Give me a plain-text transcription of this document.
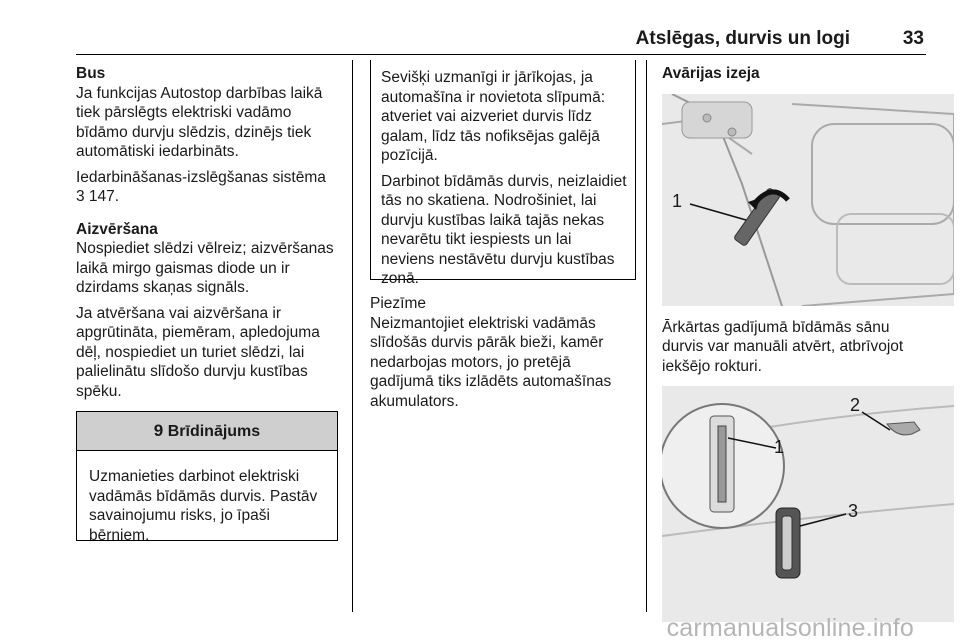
Atslēgas, durvis un logi	33
Bus

Ja funkcijas Autostop darbības laikā tiek pārslēgts elektriski vadāmo bīdāmo durvju slēdzis, dzinējs tiek automātiski iedarbināts.

Iedarbināšanas-izslēgšanas sistēma
3 147.
Aizvēršana

Nospiediet slēdzi vēlreiz; aizvēršanas laikā mirgo gaismas diode un ir dzirdams skaņas signāls.

Ja atvēršana vai aizvēršana ir apgrūtināta, piemēram, apledojuma dēļ, nospiediet un turiet slēdzi, lai palielinātu slīdošo durvju kustības spēku.

9 Brīdinājums
Uzmanieties darbinot elektriski vadāmās bīdāmās durvis. Pastāv savainojumu risks, jo īpaši bērniem.

Sevišķi uzmanīgi ir jārīkojas, ja automašīna ir novietota slīpumā: atveriet vai aizveriet durvis līdz galam, līdz tās nofiksējas galējā pozīcijā.

Darbinot bīdāmās durvis, neizlaidiet tās no skatiena. Nodrošiniet, lai durvju kustības laikā tajās nekas nevarētu tikt iespiests un lai neviens nestāvētu durvju kustības zonā.

Piezīme
Neizmantojiet elektriski vadāmās slīdošās durvis pārāk bieži, kamēr nedarbojas motors, jo pretējā gadījumā tiks izlādēts automašīnas akumulators.
Avārijas izeja
1

Ārkārtas gadījumā bīdāmās sānu durvis var manuāli atvērt, atbrīvojot iekšējo rokturi.

1
2
3
carmanualsonline.info
